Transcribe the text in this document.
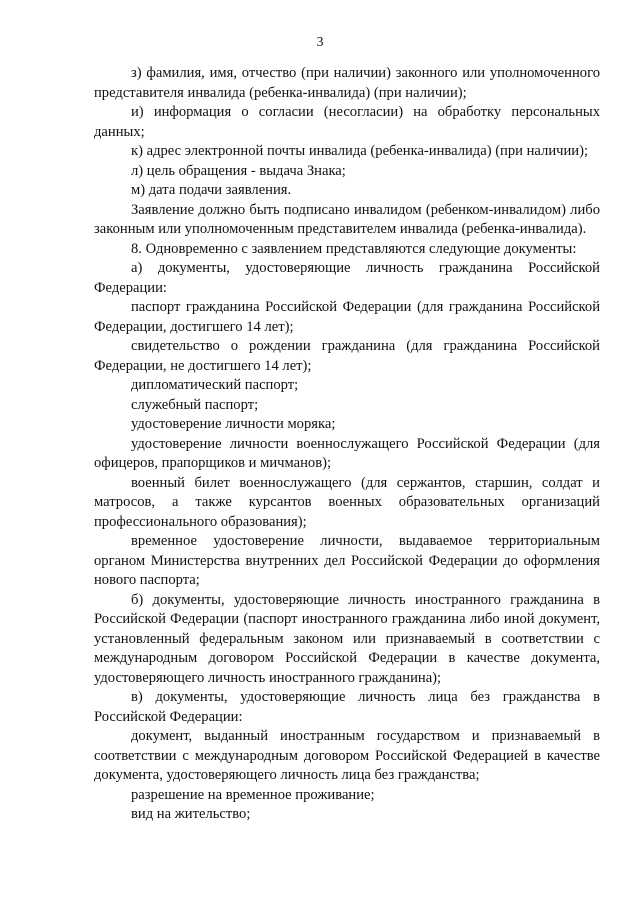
3

з) фамилия, имя, отчество (при наличии) законного или уполномоченного представителя инвалида (ребенка-инвалида) (при наличии);

и) информация о согласии (несогласии) на обработку персональных данных;

к) адрес электронной почты инвалида (ребенка-инвалида) (при наличии);

л) цель обращения - выдача Знака;

м) дата подачи заявления.

Заявление должно быть подписано инвалидом (ребенком-инвалидом) либо законным или уполномоченным представителем инвалида (ребенка-инвалида).

8. Одновременно с заявлением представляются следующие документы:

а) документы, удостоверяющие личность гражданина Российской Федерации:

паспорт гражданина Российской Федерации (для гражданина Российской Федерации, достигшего 14 лет);

свидетельство о рождении гражданина (для гражданина Российской Федерации, не достигшего 14 лет);

дипломатический паспорт;

служебный паспорт;

удостоверение личности моряка;

удостоверение личности военнослужащего Российской Федерации (для офицеров, прапорщиков и мичманов);

военный билет военнослужащего (для сержантов, старшин, солдат и матросов, а также курсантов военных образовательных организаций профессионального образования);

временное удостоверение личности, выдаваемое территориальным органом Министерства внутренних дел Российской Федерации до оформления нового паспорта;

б) документы, удостоверяющие личность иностранного гражданина в Российской Федерации (паспорт иностранного гражданина либо иной документ, установленный федеральным законом или признаваемый в соответствии с международным договором Российской Федерации в качестве документа, удостоверяющего личность иностранного гражданина);

в) документы, удостоверяющие личность лица без гражданства в Российской Федерации:

документ, выданный иностранным государством и признаваемый в соответствии с международным договором Российской Федерацией в качестве документа, удостоверяющего личность лица без гражданства;

разрешение на временное проживание;

вид на жительство;
